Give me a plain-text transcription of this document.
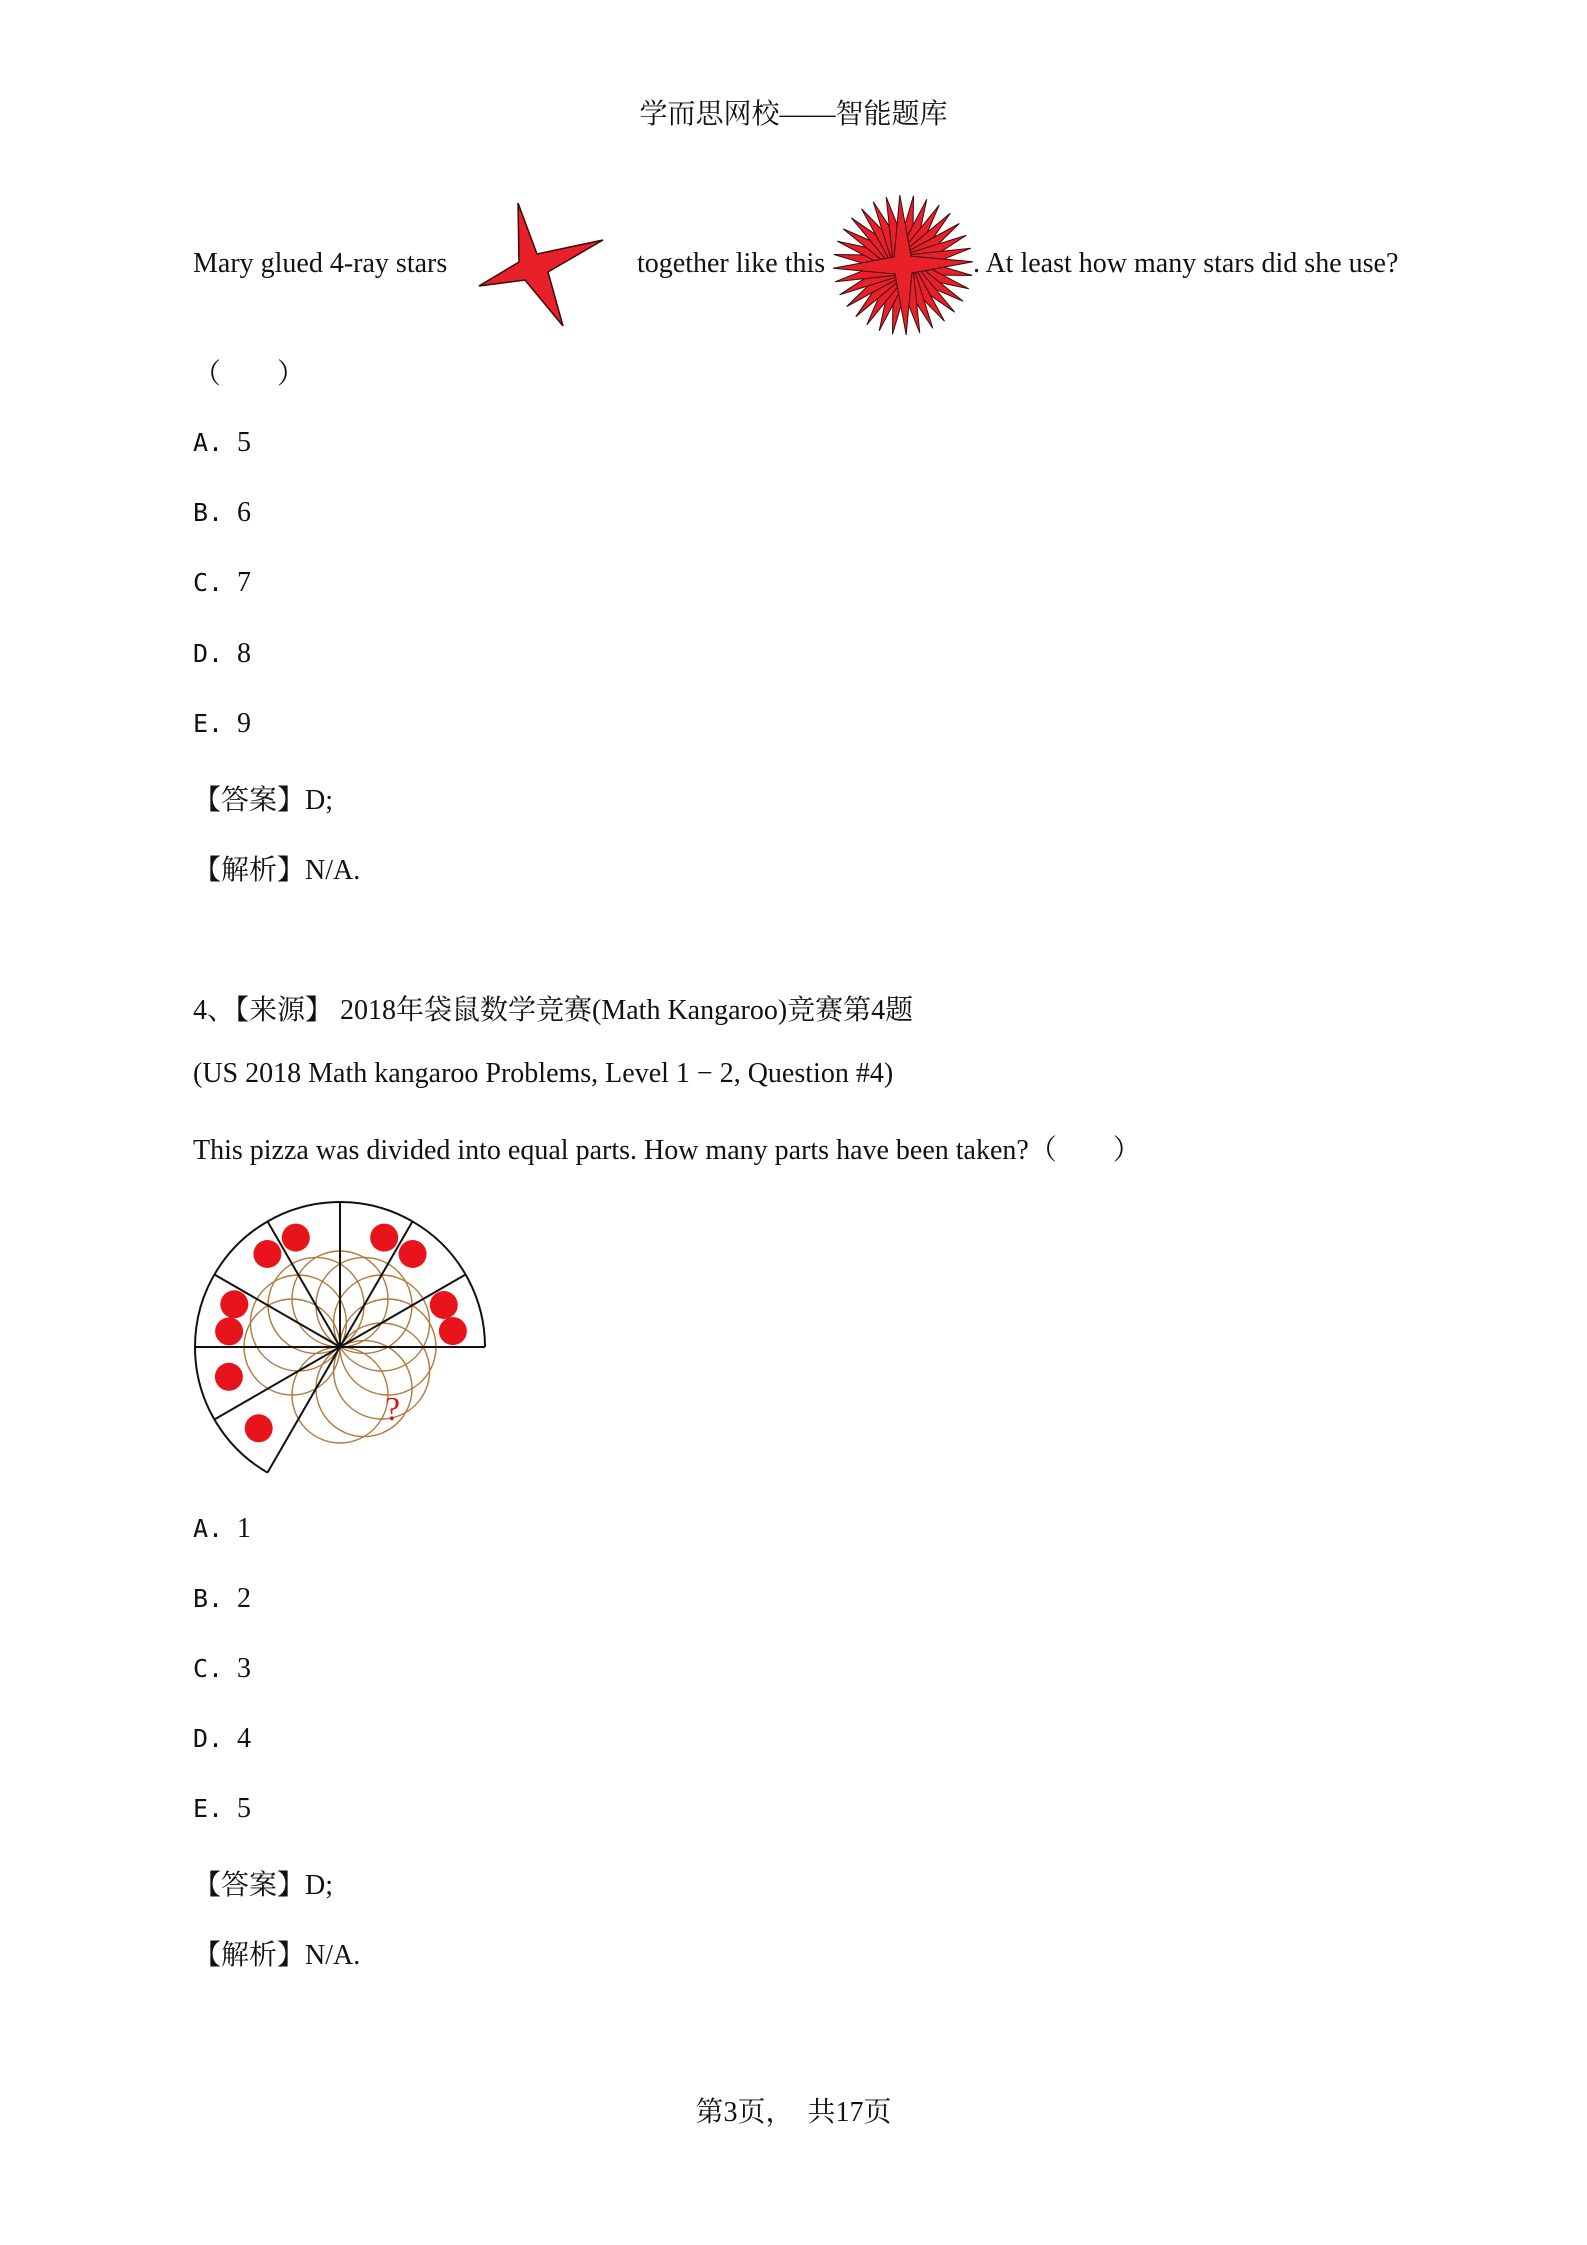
学而思网校——智能题库
Mary glued 4-ray stars	together like this	. At least how many stars did she use?
（　　）
A. 5
B. 6
C. 7
D. 8
E. 9
【答案】D;
【解析】N/A.
4、【来源】 2018年袋鼠数学竞赛(Math Kangaroo)竞赛第4题
(US 2018 Math kangaroo Problems, Level 1 − 2, Question #4)
This pizza was divided into equal parts. How many parts have been taken?（　　）
?
A. 1
B. 2
C. 3
D. 4
E. 5
【答案】D;
【解析】N/A.
第3页，　共17页
